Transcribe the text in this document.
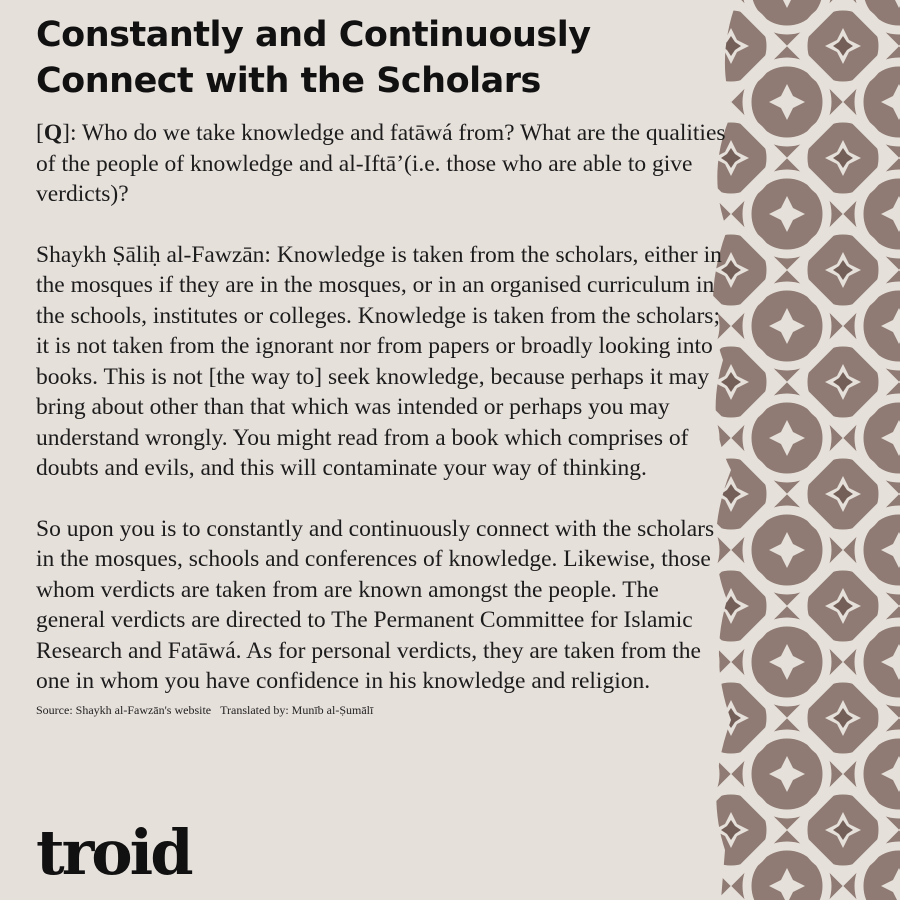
Constantly and Continuously
Connect with the Scholars

[Q]: Who do we take knowledge and fatāwá from? What are the qualities of the people of knowledge and al-Iftā’(i.e. those who are able to give verdicts)?

Shaykh Ṣāliḥ al-Fawzān: Knowledge is taken from the scholars, either in the mosques if they are in the mosques, or in an organised curriculum in the schools, institutes or colleges. Knowledge is taken from the scholars; it is not taken from the ignorant nor from papers or broadly looking into books. This is not [the way to] seek knowledge, because perhaps it may bring about other than that which was intended or perhaps you may understand wrongly. You might read from a book which comprises of doubts and evils, and this will contaminate your way of thinking.

So upon you is to constantly and continuously connect with the scholars in the mosques, schools and conferences of knowledge. Likewise, those whom verdicts are taken from are known amongst the people. The general verdicts are directed to The Permanent Committee for Islamic Research and Fatāwá. As for personal verdicts, they are taken from the one in whom you have confidence in his knowledge and religion.

Source: Shaykh al-Fawzān's website Translated by: Munīb al-Ṣumālī
troid
